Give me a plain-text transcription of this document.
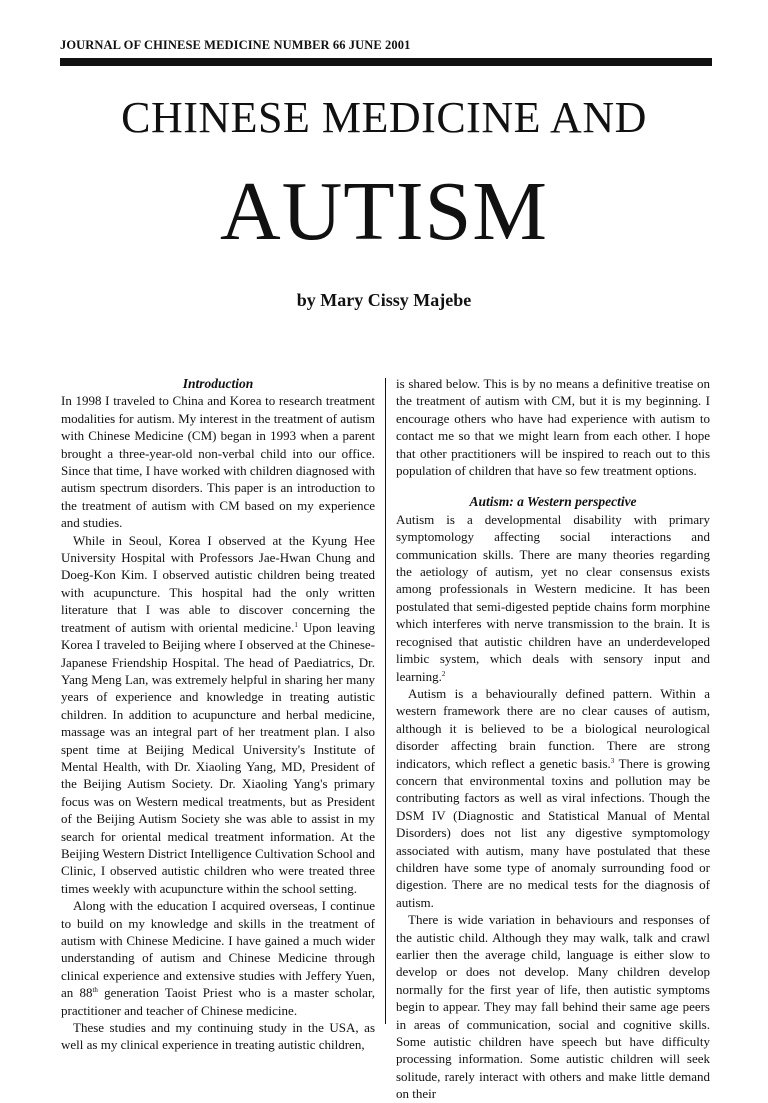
JOURNAL OF CHINESE MEDICINE NUMBER 66 JUNE 2001
CHINESE MEDICINE AND
AUTISM
by Mary Cissy Majebe
Introduction

In 1998 I traveled to China and Korea to research treatment modalities for autism. My interest in the treatment of autism with Chinese Medicine (CM) began in 1993 when a parent brought a three-year-old non-verbal child into our office. Since that time, I have worked with children diagnosed with autism spectrum disorders. This paper is an introduction to the treatment of autism with CM based on my experience and studies.

While in Seoul, Korea I observed at the Kyung Hee University Hospital with Professors Jae-Hwan Chung and Doeg-Kon Kim. I observed autistic children being treated with acupuncture. This hospital had the only written literature that I was able to discover concerning the treatment of autism with oriental medicine.$^1$ Upon leaving Korea I traveled to Beijing where I observed at the Chinese- Japanese Friendship Hospital. The head of Paediatrics, Dr. Yang Meng Lan, was extremely helpful in sharing her many years of experience and knowledge in treating autistic children. In addition to acupuncture and herbal medicine, massage was an integral part of her treatment plan. I also spent time at Beijing Medical University's Institute of Mental Health, with Dr. Xiaoling Yang, MD, President of the Beijing Autism Society. Dr. Xiaoling Yang's primary focus was on Western medical treatments, but as President of the Beijing Autism Society she was able to assist in my search for oriental medical treatment information. At the Beijing Western District Intelligence Cultivation School and Clinic, I observed autistic children who were treated three times weekly with acupuncture within the school setting.

Along with the education I acquired overseas, I continue to build on my knowledge and skills in the treatment of autism with Chinese Medicine. I have gained a much wider understanding of autism and Chinese Medicine through clinical experience and extensive studies with Jeffery Yuen, an 88th generation Taoist Priest who is a master scholar, practitioner and teacher of Chinese medicine.

These studies and my continuing study in the USA, as well as my clinical experience in treating autistic children,

is shared below. This is by no means a definitive treatise on the treatment of autism with CM, but it is my beginning. I encourage others who have had experience with autism to contact me so that we might learn from each other. I hope that other practitioners will be inspired to reach out to this population of children that have so few treatment options.

Autism: a Western perspective

Autism is a developmental disability with primary symptomology affecting social interactions and communication skills. There are many theories regarding the aetiology of autism, yet no clear consensus exists among professionals in Western medicine. It has been postulated that semi-digested peptide chains form morphine which interferes with nerve transmission to the brain. It is recognised that autistic children have an underdeveloped limbic system, which deals with sensory input and learning.$^2$

Autism is a behaviourally defined pattern. Within a western framework there are no clear causes of autism, although it is believed to be a biological neurological disorder affecting brain function. There are strong indicators, which reflect a genetic basis.$^3$ There is growing concern that environmental toxins and pollution may be contributing factors as well as viral infections. Though the DSM IV (Diagnostic and Statistical Manual of Mental Disorders) does not list any digestive symptomology associated with autism, many have postulated that these children have some type of anomaly surrounding food or digestion. There are no medical tests for the diagnosis of autism.

There is wide variation in behaviours and responses of the autistic child. Although they may walk, talk and crawl earlier then the average child, language is either slow to develop or does not develop. Many children develop normally for the first year of life, then autistic symptoms begin to appear. They may fall behind their same age peers in areas of communication, social and cognitive skills. Some autistic children have speech but have difficulty processing information. Some autistic children will seek solitude, rarely interact with others and make little demand on their
